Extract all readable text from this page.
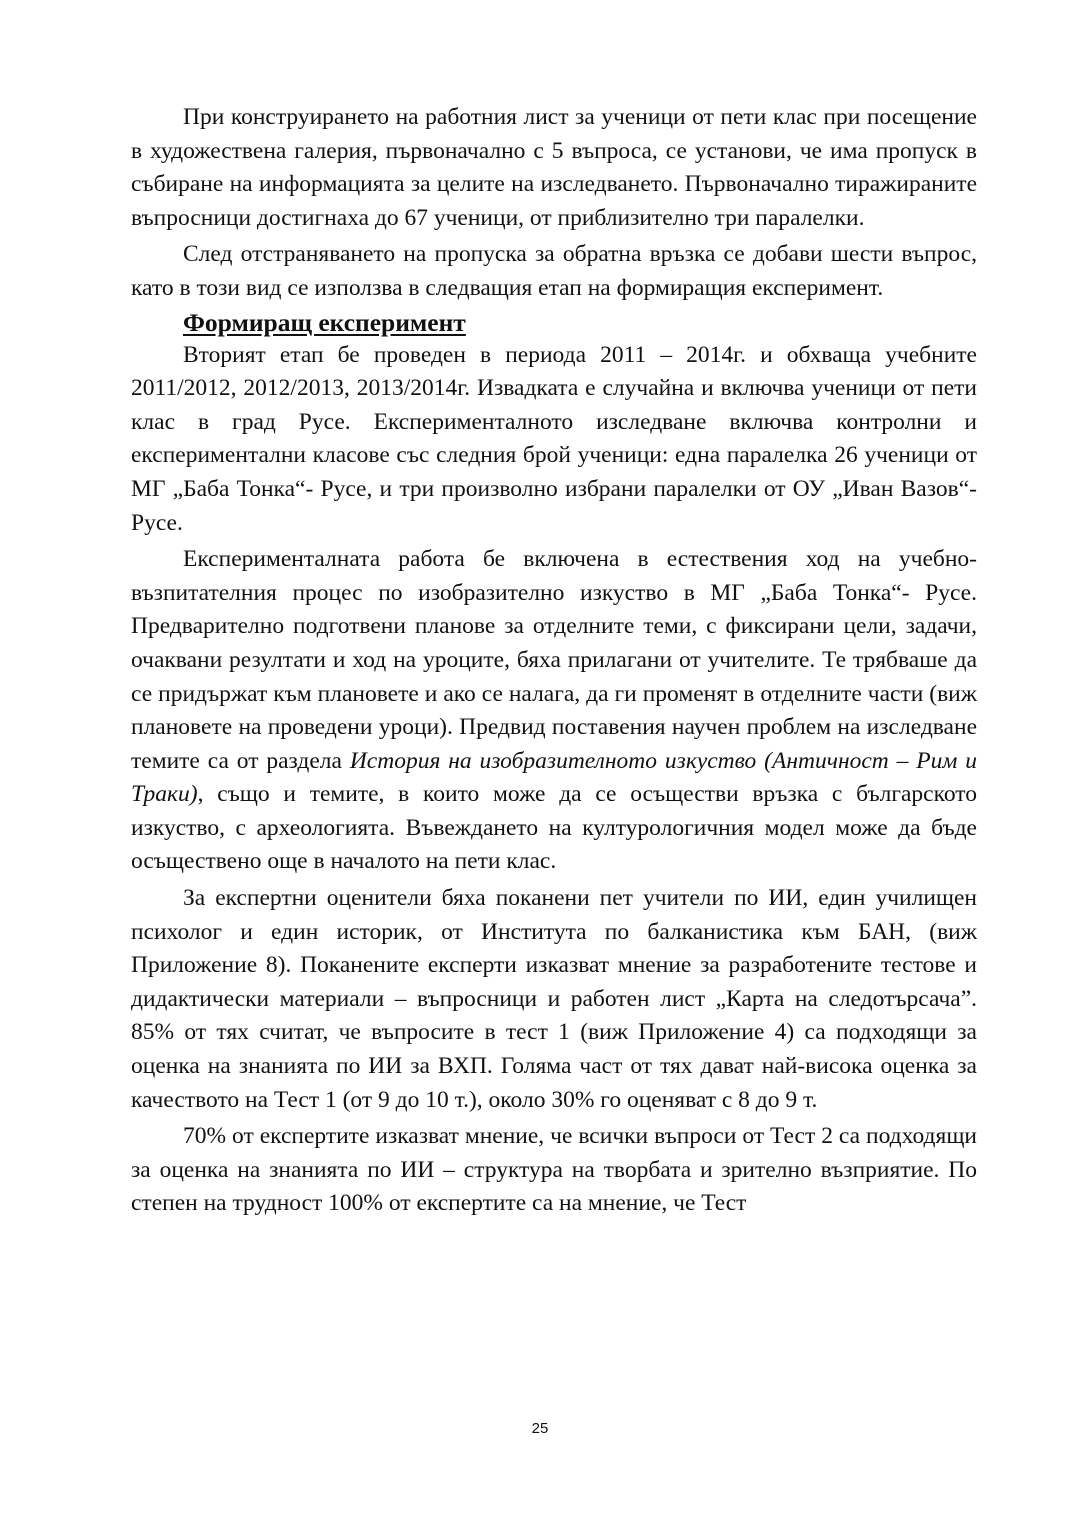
При конструирането на работния лист за ученици от пети клас при посещение в художествена галерия, първоначално с 5 въпроса, се установи, че има пропуск в събиране на информацията за целите на изследването. Първоначално тиражираните въпросници достигнаха до 67 ученици, от приблизително три паралелки.

След отстраняването на пропуска за обратна връзка се добави шести въпрос, като в този вид се използва в следващия етап на формиращия експеримент.

Формиращ експеримент

Вторият етап бе проведен в периода 2011 – 2014г. и обхваща учебните 2011/2012, 2012/2013, 2013/2014г. Извадката е случайна и включва ученици от пети клас в град Русе. Експерименталното изследване включва контролни и експериментални класове със следния брой ученици: една паралелка 26 ученици от МГ „Баба Тонка“- Русе, и три произволно избрани паралелки от ОУ „Иван Вазов“- Русе.

Експерименталната работа бе включена в естествения ход на учебно-възпитателния процес по изобразително изкуство в МГ „Баба Тонка“- Русе. Предварително подготвени планове за отделните теми, с фиксирани цели, задачи, очаквани резултати и ход на уроците, бяха прилагани от учителите. Те трябваше да се придържат към плановете и ако се налага, да ги променят в отделните части (виж плановете на проведени уроци). Предвид поставения научен проблем на изследване темите са от раздела История на изобразителното изкуство (Античност – Рим и Траки), също и темите, в които може да се осъществи връзка с българското изкуство, с археологията. Въвеждането на културологичния модел може да бъде осъществено още в началото на пети клас.

За експертни оценители бяха поканени пет учители по ИИ, един училищен психолог и един историк, от Института по балканистика към БАН, (виж Приложение 8). Поканените експерти изказват мнение за разработените тестове и дидактически материали – въпросници и работен лист „Карта на следотърсача”. 85% от тях считат, че въпросите в тест 1 (виж Приложение 4) са подходящи за оценка на знанията по ИИ за ВХП. Голяма част от тях дават най-висока оценка за качеството на Тест 1 (от 9 до 10 т.), около 30% го оценяват с 8 до 9 т.

70% от експертите изказват мнение, че всички въпроси от Тест 2 са подходящи за оценка на знанията по ИИ – структура на творбата и зрително възприятие. По степен на трудност 100% от експертите са на мнение, че Тест

25
